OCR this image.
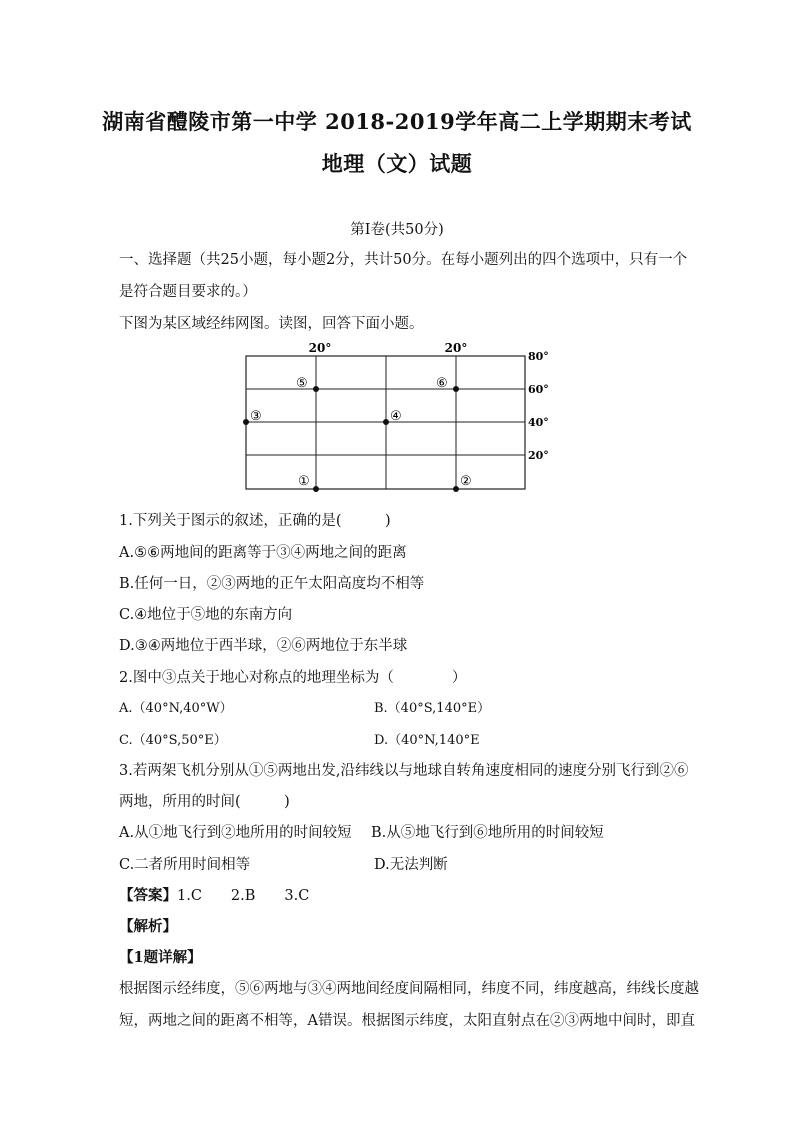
湖南省醴陵市第一中学 2018-2019学年高二上学期期末考试
地理（文）试题
第Ⅰ卷(共50分)
一、选择题（共25小题，每小题2分，共计50分。在每小题列出的四个选项中，只有一个
是符合题目要求的。）
下图为某区域经纬网图。读图，回答下面小题。
20°	20°
80°
60°
40°
20°
⑤	⑥
③	④
①	②
1.下列关于图示的叙述，正确的是(　　　)
A.⑤⑥两地间的距离等于③④两地之间的距离
B.任何一日，②③两地的正午太阳高度均不相等
C.④地位于⑤地的东南方向
D.③④两地位于西半球，②⑥两地位于东半球
2.图中③点关于地心对称点的地理坐标为（　　　　）
A.（40°N,40°W）	B.（40°S,140°E）
C.（40°S,50°E）	D.（40°N,140°E
3.若两架飞机分别从①⑤两地出发,沿纬线以与地球自转角速度相同的速度分别飞行到②⑥
两地，所用的时间(　　　)
A.从①地飞行到②地所用的时间较短 B.从⑤地飞行到⑥地所用的时间较短
C.二者所用时间相等	D.无法判断
【答案】1.C　　2.B　　3.C
【解析】
【1题详解】
根据图示经纬度，⑤⑥两地与③④两地间经度间隔相同，纬度不同，纬度越高，纬线长度越
短，两地之间的距离不相等，A错误。根据图示纬度，太阳直射点在②③两地中间时，即直
